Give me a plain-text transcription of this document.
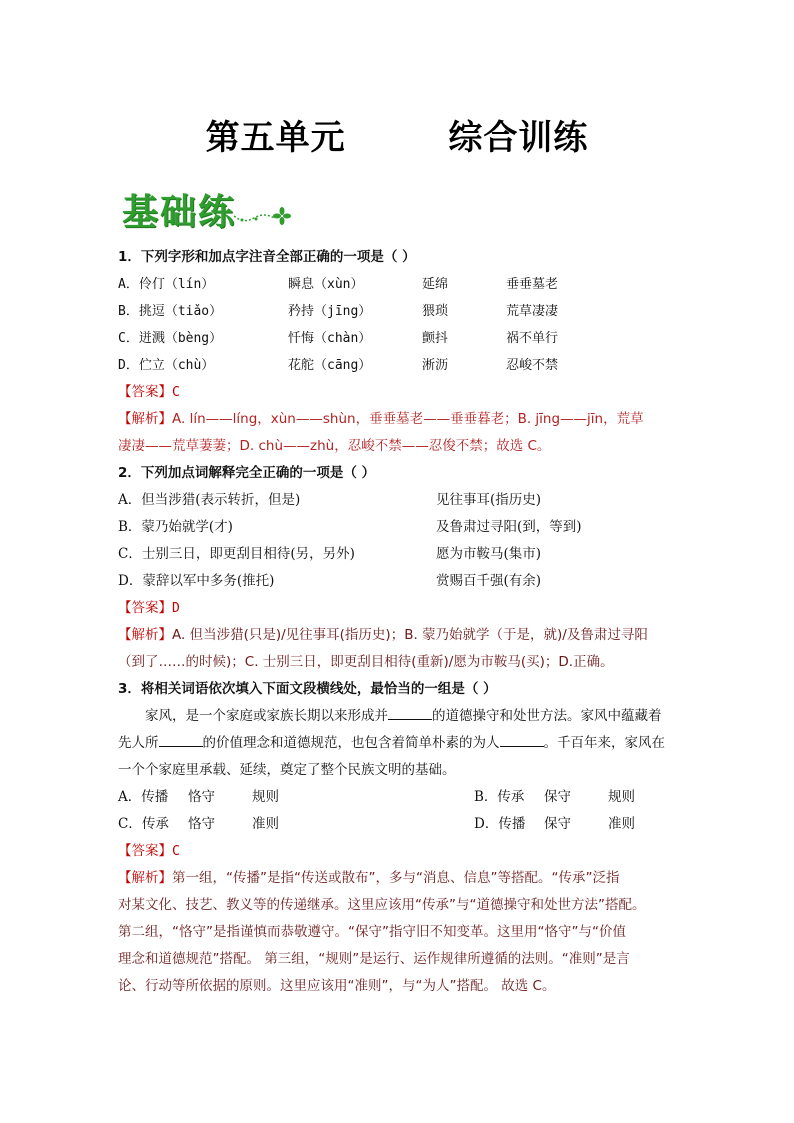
第五单元        综合训练
基础练
1．下列字形和加点字注音全部正确的一项是（ ）
A．伶仃（lín）	瞬息（xùn）	延绵	垂垂墓老
B．挑逗（tiǎo）	矜持（jīng）	猥琐	荒草凄凄
C．迸溅（bèng）	忏悔（chàn）	颤抖	祸不单行
D．伫立（chù）	花舵（cāng）	淅沥	忍峻不禁
【答案】C
【解析】A. lín——líng，xùn——shùn，垂垂墓老——垂垂暮老；B. jīng——jīn，荒草
凄凄——荒草萋萋；D. chù——zhù，忍峻不禁——忍俊不禁；故选 C。
2．下列加点词解释完全正确的一项是（ ）
A．但当涉猎(表示转折，但是)	见往事耳(指历史)
B．蒙乃始就学(才)	及鲁肃过寻阳(到，等到)
C．士别三日，即更刮目相待(另，另外)	愿为市鞍马(集市)
D．蒙辞以军中多务(推托)	赏赐百千强(有余)
【答案】D
【解析】A. 但当涉猎(只是)/见往事耳(指历史)；B. 蒙乃始就学（于是，就)/及鲁肃过寻阳
（到了……的时候)；C. 士别三日，即更刮目相待(重新)/愿为市鞍马(买)；D.正确。
3．将相关词语依次填入下面文段横线处，最恰当的一组是（ ）
家风，是一个家庭或家族长期以来形成并	的道德操守和处世方法。家风中蕴藏着
先人所	的价值理念和道德规范，也包含着简单朴素的为人	。千百年来，家风在
一个个家庭里承载、延续，奠定了整个民族文明的基础。
A．传播	恪守	规则	B．传承	保守	规则
C．传承	恪守	准则	D．传播	保守	准则
【答案】C
【解析】第一组，“传播”是指“传送或散布”，多与“消息、信息”等搭配。“传承”泛指
对某文化、技艺、教义等的传递继承。这里应该用“传承”与“道德操守和处世方法”搭配。
第二组，“恪守”是指谨慎而恭敬遵守。“保守”指守旧不知变革。这里用“恪守”与“价值
理念和道德规范”搭配。 第三组，“规则”是运行、运作规律所遵循的法则。“准则”是言
论、行动等所依据的原则。这里应该用“准则”，与“为人”搭配。 故选 C。
